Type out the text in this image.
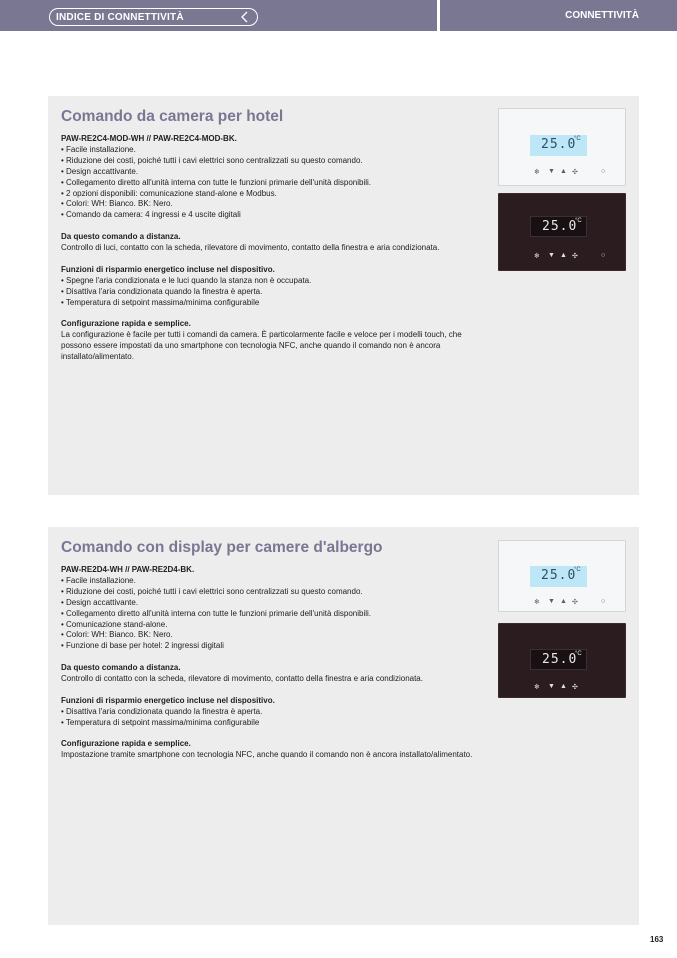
INDICE DI CONNETTIVITÀ	CONNETTIVITÀ
Comando da camera per hotel
PAW-RE2C4-MOD-WH // PAW-RE2C4-MOD-BK.
• Facile installazione.
• Riduzione dei costi, poiché tutti i cavi elettrici sono centralizzati su questo comando.
• Design accattivante.
• Collegamento diretto all'unità interna con tutte le funzioni primarie dell'unità disponibili.
• 2 opzioni disponibili: comunicazione stand-alone e Modbus.
• Colori: WH: Bianco. BK: Nero.
• Comando da camera: 4 ingressi e 4 uscite digitali
Da questo comando a distanza.
Controllo di luci, contatto con la scheda, rilevatore di movimento, contatto della finestra e aria condizionata.
Funzioni di risparmio energetico incluse nel dispositivo.
• Spegne l'aria condizionata e le luci quando la stanza non è occupata.
• Disattiva l'aria condizionata quando la finestra è aperta.
• Temperatura di setpoint massima/minima configurabile
Configurazione rapida e semplice.
La configurazione è facile per tutti i comandi da camera. È particolarmente facile e veloce per i modelli touch, che possono essere impostati da uno smartphone con tecnologia NFC, anche quando il comando non è ancora installato/alimentato.
25.0
°C
❄ ▼ ▲ ✣	○
25.0
°C
❄ ▼ ▲ ✣	○
Comando con display per camere d'albergo
PAW-RE2D4-WH // PAW-RE2D4-BK.
• Facile installazione.
• Riduzione dei costi, poiché tutti i cavi elettrici sono centralizzati su questo comando.
• Design accattivante.
• Collegamento diretto all'unità interna con tutte le funzioni primarie dell'unità disponibili.
• Comunicazione stand-alone.
• Colori: WH: Bianco. BK: Nero.
• Funzione di base per hotel: 2 ingressi digitali
Da questo comando a distanza.
Controllo di contatto con la scheda, rilevatore di movimento, contatto della finestra e aria condizionata.
Funzioni di risparmio energetico incluse nel dispositivo.
• Disattiva l'aria condizionata quando la finestra è aperta.
• Temperatura di setpoint massima/minima configurabile
Configurazione rapida e semplice.
Impostazione tramite smartphone con tecnologia NFC, anche quando il comando non è ancora installato/alimentato.
25.0
°C
❄ ▼ ▲ ✣	○
25.0
°C
❄ ▼ ▲ ✣
163
